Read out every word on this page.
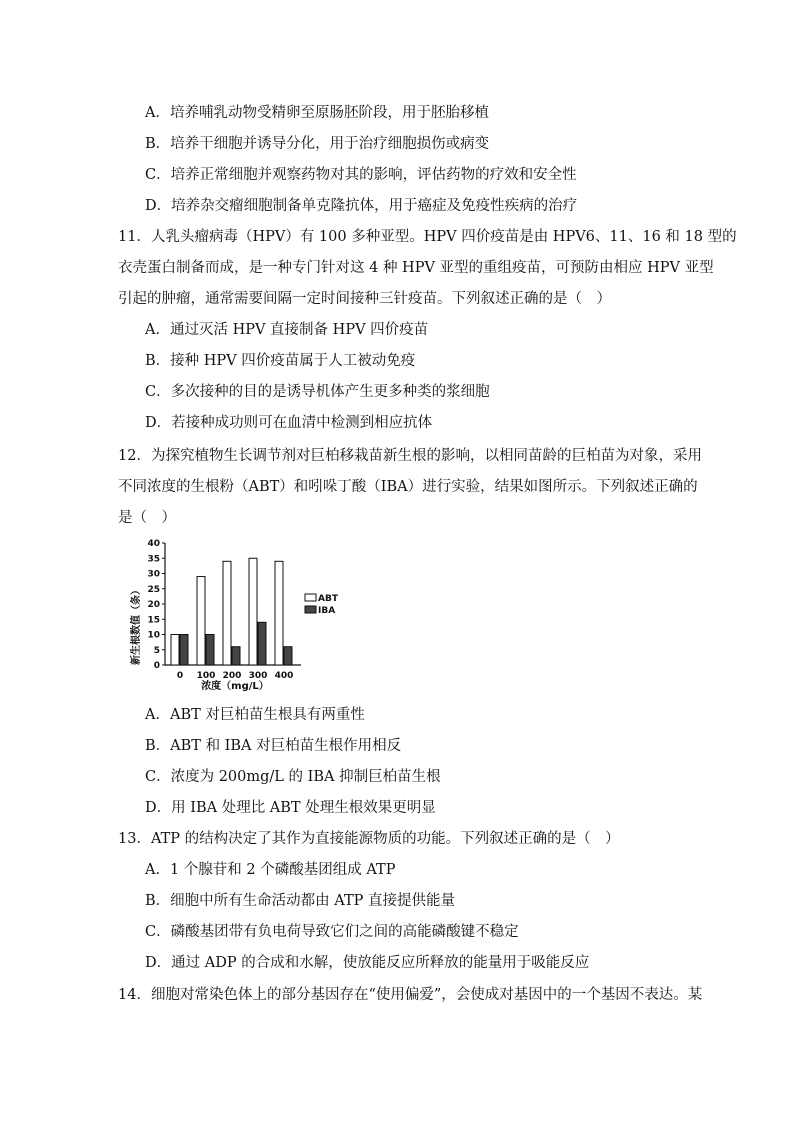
A．培养哺乳动物受精卵至原肠胚阶段，用于胚胎移植
B．培养干细胞并诱导分化，用于治疗细胞损伤或病变
C．培养正常细胞并观察药物对其的影响，评估药物的疗效和安全性
D．培养杂交瘤细胞制备单克隆抗体，用于癌症及免疫性疾病的治疗
11．人乳头瘤病毒（HPV）有 100 多种亚型。HPV 四价疫苗是由 HPV6、11、16 和 18 型的
衣壳蛋白制备而成，是一种专门针对这 4 种 HPV 亚型的重组疫苗，可预防由相应 HPV 亚型
引起的肿瘤，通常需要间隔一定时间接种三针疫苗。下列叙述正确的是（　）
A．通过灭活 HPV 直接制备 HPV 四价疫苗
B．接种 HPV 四价疫苗属于人工被动免疫
C．多次接种的目的是诱导机体产生更多种类的浆细胞
D．若接种成功则可在血清中检测到相应抗体
12．为探究植物生长调节剂对巨柏移栽苗新生根的影响，以相同苗龄的巨柏苗为对象，采用
不同浓度的生根粉（ABT）和吲哚丁酸（IBA）进行实验，结果如图所示。下列叙述正确的
是（　）
0
5
10
15
20
25
30
35
40
0 100 200 300 400
新生根数值（条）
浓度（mg/L）
ABT
IBA
A．ABT 对巨柏苗生根具有两重性
B．ABT 和 IBA 对巨柏苗生根作用相反
C．浓度为 200mg/L 的 IBA 抑制巨柏苗生根
D．用 IBA 处理比 ABT 处理生根效果更明显
13．ATP 的结构决定了其作为直接能源物质的功能。下列叙述正确的是（　）
A．1 个腺苷和 2 个磷酸基团组成 ATP
B．细胞中所有生命活动都由 ATP 直接提供能量
C．磷酸基团带有负电荷导致它们之间的高能磷酸键不稳定
D．通过 ADP 的合成和水解，使放能反应所释放的能量用于吸能反应
14．细胞对常染色体上的部分基因存在“使用偏爱”，会使成对基因中的一个基因不表达。某
